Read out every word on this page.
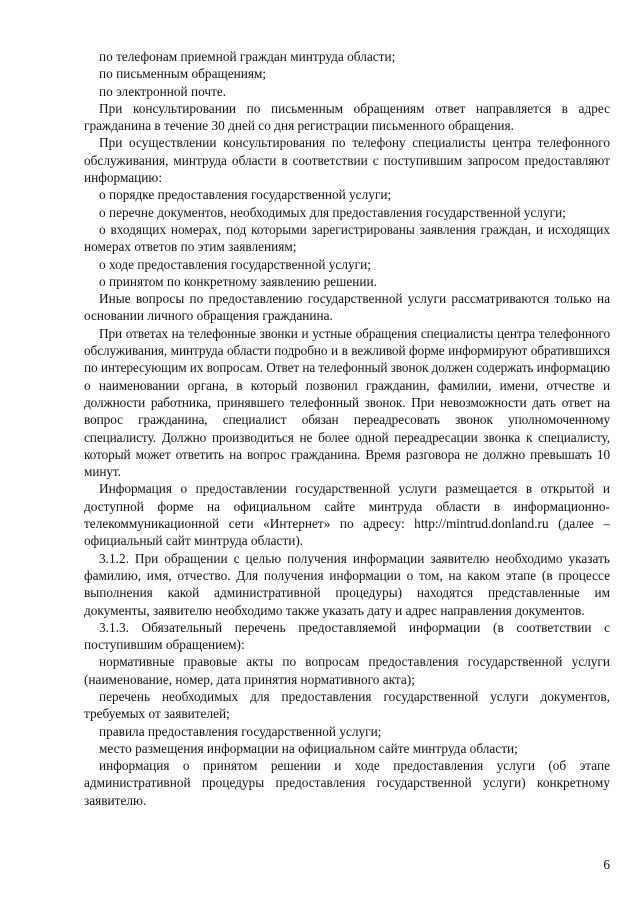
по телефонам приемной граждан минтруда области;

по письменным обращениям;

по электронной почте.

При консультировании по письменным обращениям ответ направляется в адрес гражданина в течение 30 дней со дня регистрации письменного обращения.

При осуществлении консультирования по телефону специалисты центра телефонного обслуживания, минтруда области в соответствии с поступившим запросом предоставляют информацию:

о порядке предоставления государственной услуги;

о перечне документов, необходимых для предоставления государственной услуги;

о входящих номерах, под которыми зарегистрированы заявления граждан, и исходящих номерах ответов по этим заявлениям;

о ходе предоставления государственной услуги;

о принятом по конкретному заявлению решении.

Иные вопросы по предоставлению государственной услуги рассматриваются только на основании личного обращения гражданина.

При ответах на телефонные звонки и устные обращения специалисты центра телефонного обслуживания, минтруда области подробно и в вежливой форме информируют обратившихся по интересующим их вопросам. Ответ на телефонный звонок должен содержать информацию о наименовании органа, в который позвонил гражданин, фамилии, имени, отчестве и должности работника, принявшего телефонный звонок. При невозможности дать ответ на вопрос гражданина, специалист обязан переадресовать звонок уполномоченному специалисту. Должно производиться не более одной переадресации звонка к специалисту, который может ответить на вопрос гражданина. Время разговора не должно превышать 10 минут.

Информация о предоставлении государственной услуги размещается в открытой и доступной форме на официальном сайте минтруда области в информационно-телекоммуникационной сети «Интернет» по адресу: http://mintrud.donland.ru (далее – официальный сайт минтруда области).

3.1.2. При обращении с целью получения информации заявителю необходимо указать фамилию, имя, отчество. Для получения информации о том, на каком этапе (в процессе выполнения какой административной процедуры) находятся представленные им документы, заявителю необходимо также указать дату и адрес направления документов.

3.1.3. Обязательный перечень предоставляемой информации (в соответствии с поступившим обращением):

нормативные правовые акты по вопросам предоставления государственной услуги (наименование, номер, дата принятия нормативного акта);

перечень необходимых для предоставления государственной услуги документов, требуемых от заявителей;

правила предоставления государственной услуги;

место размещения информации на официальном сайте минтруда области;

информация о принятом решении и ходе предоставления услуги (об этапе административной процедуры предоставления государственной услуги) конкретному заявителю.

6
